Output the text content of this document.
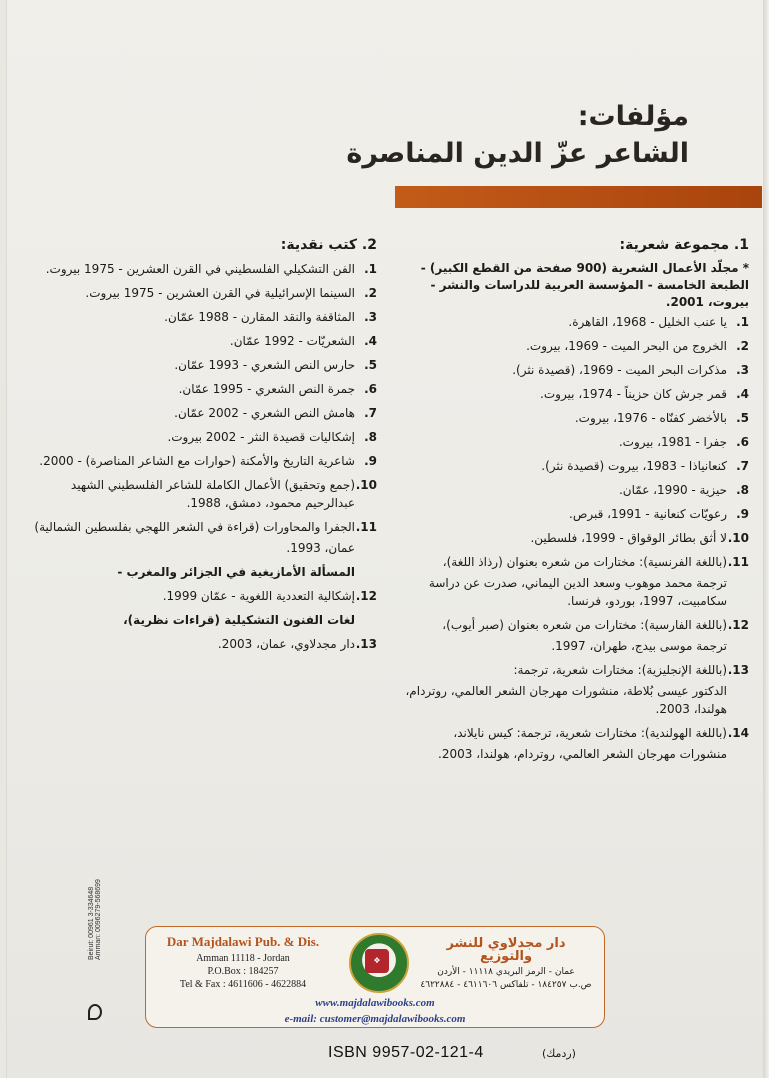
مؤلفات:
الشاعر عزّ الدين المناصرة
1. مجموعة شعرية:
* مجلّد الأعمال الشعرية (900 صفحة من القطع الكبير) - الطبعة الخامسة - المؤسسة العربية للدراسات والنشر - بيروت، 2001.
1.
يا عنب الخليل - 1968، القاهرة.
2.
الخروج من البحر الميت - 1969، بيروت.
3.
مذكرات البحر الميت - 1969، (قصيدة نثر).
4.
قمر جرش كان حزيناً - 1974، بيروت.
5.
بالأخضر كفنّاه - 1976، بيروت.
6.
جفرا - 1981، بيروت.
7.
كنعانياذا - 1983، بيروت (قصيدة نثر).
8.
حيزية - 1990، عمّان.
9.
رعويّات كنعانية - 1991، قبرص.
10.
لا أثق بطائر الوقواق - 1999، فلسطين.
11.
(باللغة الفرنسية): مختارات من شعره بعنوان (رذاذ اللغة)،
ترجمة محمد موهوب وسعد الدين اليماني، صدرت عن دراسة سكامبيت، 1997، بوردو، فرنسا.
12.
(باللغة الفارسية): مختارات من شعره بعنوان (صبر أيوب)،
ترجمة موسى بيدج، طهران، 1997.
13.
(باللغة الإنجليزية): مختارات شعرية، ترجمة:
الدكتور عيسى بُلاطة، منشورات مهرجان الشعر العالمي، روتردام، هولندا، 2003.
14.
(باللغة الهولندية): مختارات شعرية، ترجمة: كيس نايلاند،
منشورات مهرجان الشعر العالمي، روتردام، هولندا، 2003.
2. كتب نقدية:
1.
الفن التشكيلي الفلسطيني في القرن العشرين - 1975 بيروت.
2.
السينما الإسرائيلية في القرن العشرين - 1975 بيروت.
3.
المثاقفة والنقد المقارن - 1988 عمّان.
4.
الشعريّات - 1992 عمّان.
5.
حارس النص الشعري - 1993 عمّان.
6.
جمرة النص الشعري - 1995 عمّان.
7.
هامش النص الشعري - 2002 عمّان.
8.
إشكاليات قصيدة النثر - 2002 بيروت.
9.
شاعرية التاريخ والأمكنة (حوارات مع الشاعر المناصرة) - 2000.
10.
(جمع وتحقيق) الأعمال الكاملة للشاعر الفلسطيني الشهيد عبدالرحيم محمود، دمشق، 1988.
11.
الجفرا والمحاورات (قراءة في الشعر اللهجي بفلسطين الشمالية)
عمان، 1993.
المسألة الأمازيغية في الجزائر والمغرب -
12.
إشكالية التعددية اللغوية - عمّان 1999.
لغات الفنون التشكيلية (قراءات نظرية)،
13.
دار مجدلاوي، عمان، 2003.
Dar Majdalawi Pub. & Dis.
Amman 11118 - Jordan
P.O.Box : 184257
Tel & Fax : 4611606 - 4622884
❖
دار مجدلاوي للنشر والتوزيع
عمان - الرمز البريدي ١١١١٨ - الأردن
ص.ب ١٨٤٢٥٧ - تلفاكس ٤٦١١٦٠٦ - ٤٦٢٢٨٨٤
www.majdalawibooks.com
e-mail: customer@majdalawibooks.com
Beirut: 00961 3-334648 Amman: 0096279-568699
ISBN 9957-02-121-4	(ردمك)
